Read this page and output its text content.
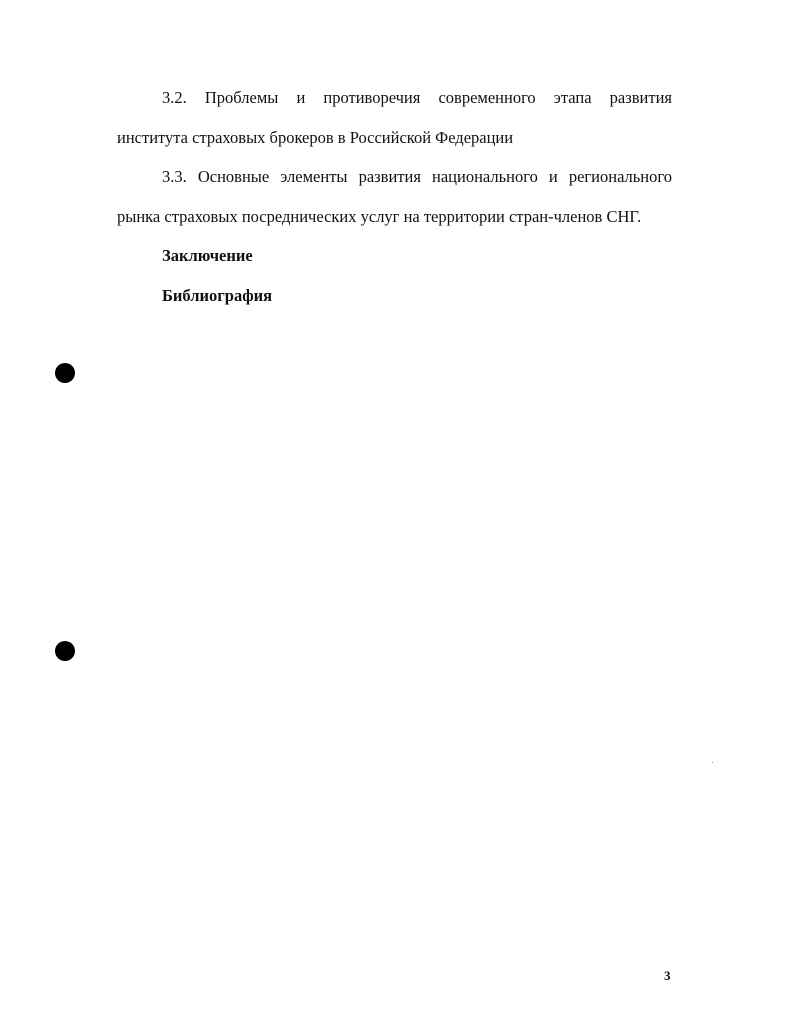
3.2. Проблемы и противоречия современного этапа развития
института страховых брокеров в Российской Федерации
3.3. Основные элементы развития национального и регионального
рынка страховых посреднических услуг на территории стран-членов СНГ.
Заключение
Библиография
3
